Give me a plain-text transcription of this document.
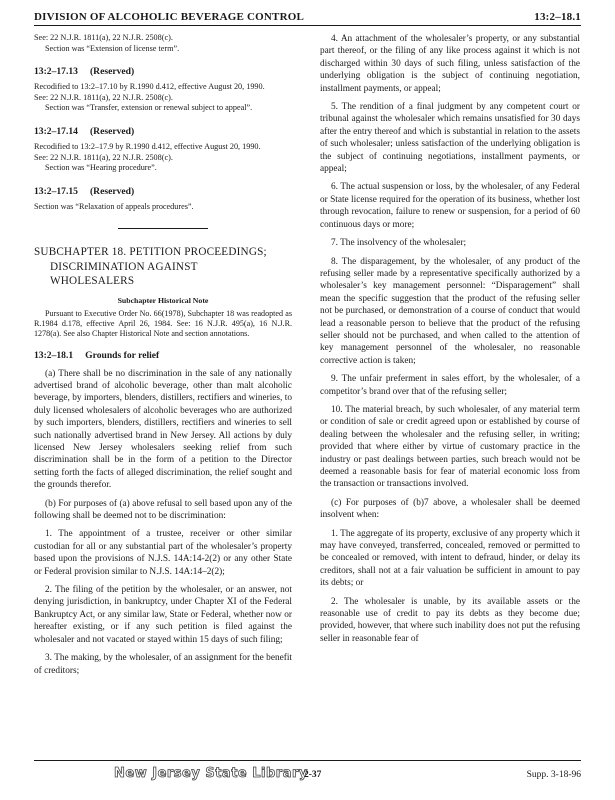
DIVISION OF ALCOHOLIC BEVERAGE CONTROL	13:2–18.1

See: 22 N.J.R. 1811(a), 22 N.J.R. 2508(c).

Section was “Extension of license term”.

13:2–17.13 (Reserved)

Recodified to 13:2–17.10 by R.1990 d.412, effective August 20, 1990.

See: 22 N.J.R. 1811(a), 22 N.J.R. 2508(c).

Section was “Transfer, extension or renewal subject to appeal”.

13:2–17.14 (Reserved)

Recodified to 13:2–17.9 by R.1990 d.412, effective August 20, 1990.

See: 22 N.J.R. 1811(a), 22 N.J.R. 2508(c).

Section was “Hearing procedure”.

13:2–17.15 (Reserved)

Section was “Relaxation of appeals procedures”.

SUBCHAPTER 18. PETITION PROCEEDINGS;
DISCRIMINATION AGAINST
WHOLESALERS
Subchapter Historical Note

Pursuant to Executive Order No. 66(1978), Subchapter 18 was readopted as R.1984 d.178, effective April 26, 1984. See: 16 N.J.R. 495(a), 16 N.J.R. 1278(a). See also Chapter Historical Note and section annotations.

13:2–18.1 Grounds for relief

(a) There shall be no discrimination in the sale of any nationally advertised brand of alcoholic beverage, other than malt alcoholic beverage, by importers, blenders, distillers, rectifiers and wineries, to duly licensed wholesalers of alcoholic beverages who are authorized by such importers, blenders, distillers, rectifiers and wineries to sell such nationally advertised brand in New Jersey. All actions by duly licensed New Jersey wholesalers seeking relief from such discrimination shall be in the form of a petition to the Director setting forth the facts of alleged discrimination, the relief sought and the grounds therefor.

(b) For purposes of (a) above refusal to sell based upon any of the following shall be deemed not to be discrimination:

1. The appointment of a trustee, receiver or other similar custodian for all or any substantial part of the wholesaler’s property based upon the provisions of N.J.S. 14A:14-2(2) or any other State or Federal provision similar to N.J.S. 14A:14–2(2);

2. The filing of the petition by the wholesaler, or an answer, not denying jurisdiction, in bankruptcy, under Chapter XI of the Federal Bankruptcy Act, or any similar law, State or Federal, whether now or hereafter existing, or if any such petition is filed against the wholesaler and not vacated or stayed within 15 days of such filing;

3. The making, by the wholesaler, of an assignment for the benefit of creditors;

4. An attachment of the wholesaler’s property, or any substantial part thereof, or the filing of any like process against it which is not discharged within 30 days of such filing, unless satisfaction of the underlying obligation is the subject of continuing negotiation, installment payments, or appeal;

5. The rendition of a final judgment by any competent court or tribunal against the wholesaler which remains unsatisfied for 30 days after the entry thereof and which is substantial in relation to the assets of such wholesaler; unless satisfaction of the underlying obligation is the subject of continuing negotiations, installment payments, or appeal;

6. The actual suspension or loss, by the wholesaler, of any Federal or State license required for the operation of its business, whether lost through revocation, failure to renew or suspension, for a period of 60 continuous days or more;

7. The insolvency of the wholesaler;

8. The disparagement, by the wholesaler, of any product of the refusing seller made by a representative specifically authorized by a wholesaler’s key management personnel: “Disparagement” shall mean the specific suggestion that the product of the refusing seller not be purchased, or demonstration of a course of conduct that would lead a reasonable person to believe that the product of the refusing seller should not be purchased, and when called to the attention of key management personnel of the wholesaler, no reasonable corrective action is taken;

9. The unfair preferment in sales effort, by the wholesaler, of a competitor’s brand over that of the refusing seller;

10. The material breach, by such wholesaler, of any material term or condition of sale or credit agreed upon or established by course of dealing between the wholesaler and the refusing seller, in writing; provided that where either by virtue of customary practice in the industry or past dealings between parties, such breach would not be deemed a reasonable basis for fear of material economic loss from the transaction or transactions involved.

(c) For purposes of (b)7 above, a wholesaler shall be deemed insolvent when:

1. The aggregate of its property, exclusive of any property which it may have conveyed, transferred, concealed, removed or permitted to be concealed or removed, with intent to defraud, hinder, or delay its creditors, shall not at a fair valuation be sufficient in amount to pay its debts; or

2. The wholesaler is unable, by its available assets or the reasonable use of credit to pay its debts as they become due; provided, however, that where such inability does not put the refusing seller in reasonable fear of

New Jersey State Library
2-37	Supp. 3-18-96
